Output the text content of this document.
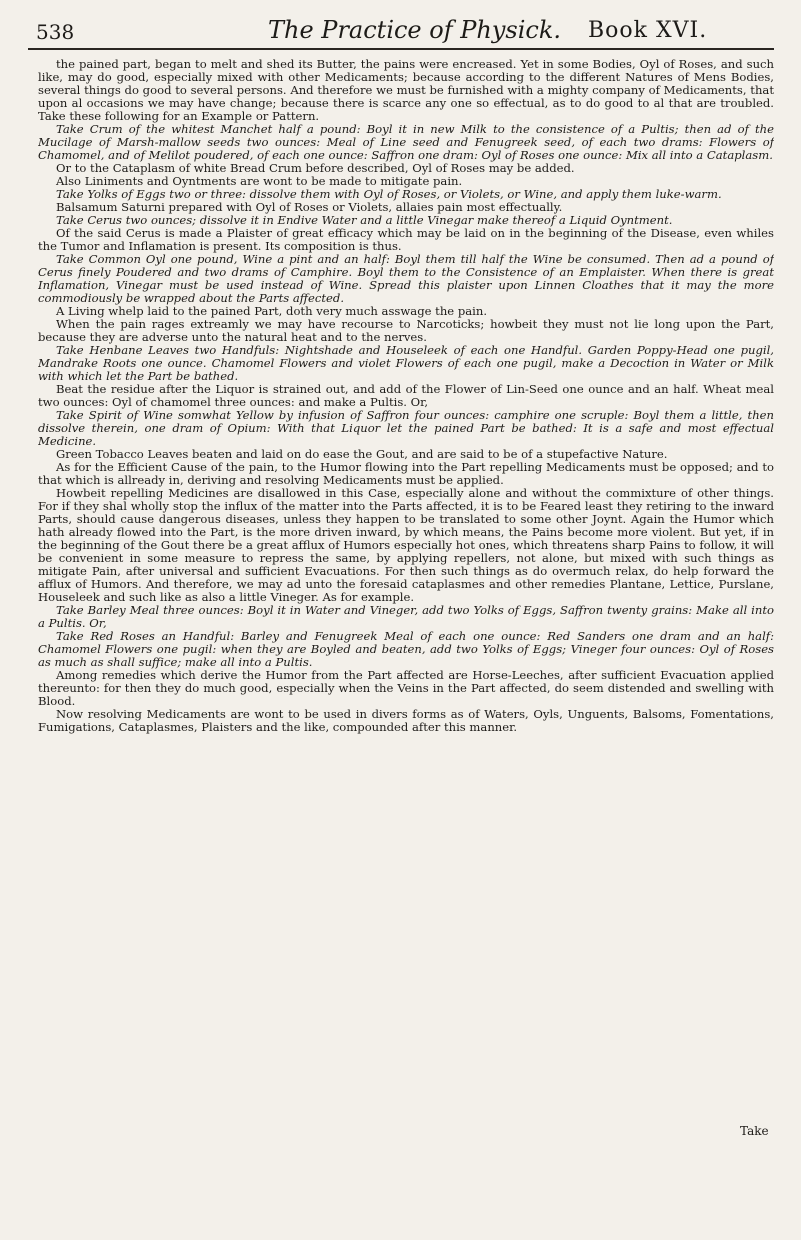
538	The Practice of Physick. Book XVI.

the pained part, began to melt and shed its Butter, the pains were encreased. Yet in some Bodies, Oyl of Roses, and such like, may do good, especially mixed with other Medicaments; because according to the different Natures of Mens Bodies, several things do good to several persons. And therefore we must be furnished with a mighty company of Medicaments, that upon al occasions we may have change; because there is scarce any one so effectual, as to do good to al that are troubled. Take these following for an Example or Pattern.

Take Crum of the whitest Manchet half a pound: Boyl it in new Milk to the consistence of a Pultis; then ad of the Mucilage of Marsh-mallow seeds two ounces: Meal of Line seed and Fenugreek seed, of each two drams: Flowers of Chamomel, and of Melilot poudered, of each one ounce: Saffron one dram: Oyl of Roses one ounce: Mix all into a Cataplasm.

Or to the Cataplasm of white Bread Crum before described, Oyl of Roses may be added.

Also Liniments and Oyntments are wont to be made to mitigate pain.

Take Yolks of Eggs two or three: dissolve them with Oyl of Roses, or Violets, or Wine, and apply them luke-warm.

Balsamum Saturni prepared with Oyl of Roses or Violets, allaies pain most effectually.

Take Cerus two ounces; dissolve it in Endive Water and a little Vinegar make thereof a Liquid Oyntment.

Of the said Cerus is made a Plaister of great efficacy which may be laid on in the beginning of the Disease, even whiles the Tumor and Inflamation is present. Its composition is thus.

Take Common Oyl one pound, Wine a pint and an half: Boyl them till half the Wine be consumed. Then ad a pound of Cerus finely Poudered and two drams of Camphire. Boyl them to the Consistence of an Emplaister. When there is great Inflamation, Vinegar must be used instead of Wine. Spread this plaister upon Linnen Cloathes that it may the more commodiously be wrapped about the Parts affected.

A Living whelp laid to the pained Part, doth very much asswage the pain.

When the pain rages extreamly we may have recourse to Narcoticks; howbeit they must not lie long upon the Part, because they are adverse unto the natural heat and to the nerves.

Take Henbane Leaves two Handfuls: Nightshade and Houseleek of each one Handful. Garden Poppy-Head one pugil, Mandrake Roots one ounce. Chamomel Flowers and violet Flowers of each one pugil, make a Decoction in Water or Milk with which let the Part be bathed.

Beat the residue after the Liquor is strained out, and add of the Flower of Lin-Seed one ounce and an half. Wheat meal two ounces: Oyl of chamomel three ounces: and make a Pultis. Or,

Take Spirit of Wine somwhat Yellow by infusion of Saffron four ounces: camphire one scruple: Boyl them a little, then dissolve therein, one dram of Opium: With that Liquor let the pained Part be bathed: It is a safe and most effectual Medicine.

Green Tobacco Leaves beaten and laid on do ease the Gout, and are said to be of a stupefactive Nature.

As for the Efficient Cause of the pain, to the Humor flowing into the Part repelling Medicaments must be opposed; and to that which is allready in, deriving and resolving Medicaments must be applied.

Howbeit repelling Medicines are disallowed in this Case, especially alone and without the commixture of other things. For if they shal wholly stop the influx of the matter into the Parts affected, it is to be Feared least they retiring to the inward Parts, should cause dangerous diseases, unless they happen to be translated to some other Joynt. Again the Humor which hath already flowed into the Part, is the more driven inward, by which means, the Pains become more violent. But yet, if in the beginning of the Gout there be a great afflux of Humors especially hot ones, which threatens sharp Pains to follow, it will be convenient in some measure to repress the same, by applying repellers, not alone, but mixed with such things as mitigate Pain, after universal and sufficient Evacuations. For then such things as do overmuch relax, do help forward the afflux of Humors. And therefore, we may ad unto the foresaid cataplasmes and other remedies Plantane, Lettice, Purslane, Houseleek and such like as also a little Vineger. As for example.

Take Barley Meal three ounces: Boyl it in Water and Vineger, add two Yolks of Eggs, Saffron twenty grains: Make all into a Pultis. Or,

Take Red Roses an Handful: Barley and Fenugreek Meal of each one ounce: Red Sanders one dram and an half: Chamomel Flowers one pugil: when they are Boyled and beaten, add two Yolks of Eggs; Vineger four ounces: Oyl of Roses as much as shall suffice; make all into a Pultis.

Among remedies which derive the Humor from the Part affected are Horse-Leeches, after sufficient Evacuation applied thereunto: for then they do much good, especially when the Veins in the Part affected, do seem distended and swelling with Blood.

Now resolving Medicaments are wont to be used in divers forms as of Waters, Oyls, Unguents, Balsoms, Fomentations, Fumigations, Cataplasmes, Plaisters and the like, compounded after this manner.

Take
